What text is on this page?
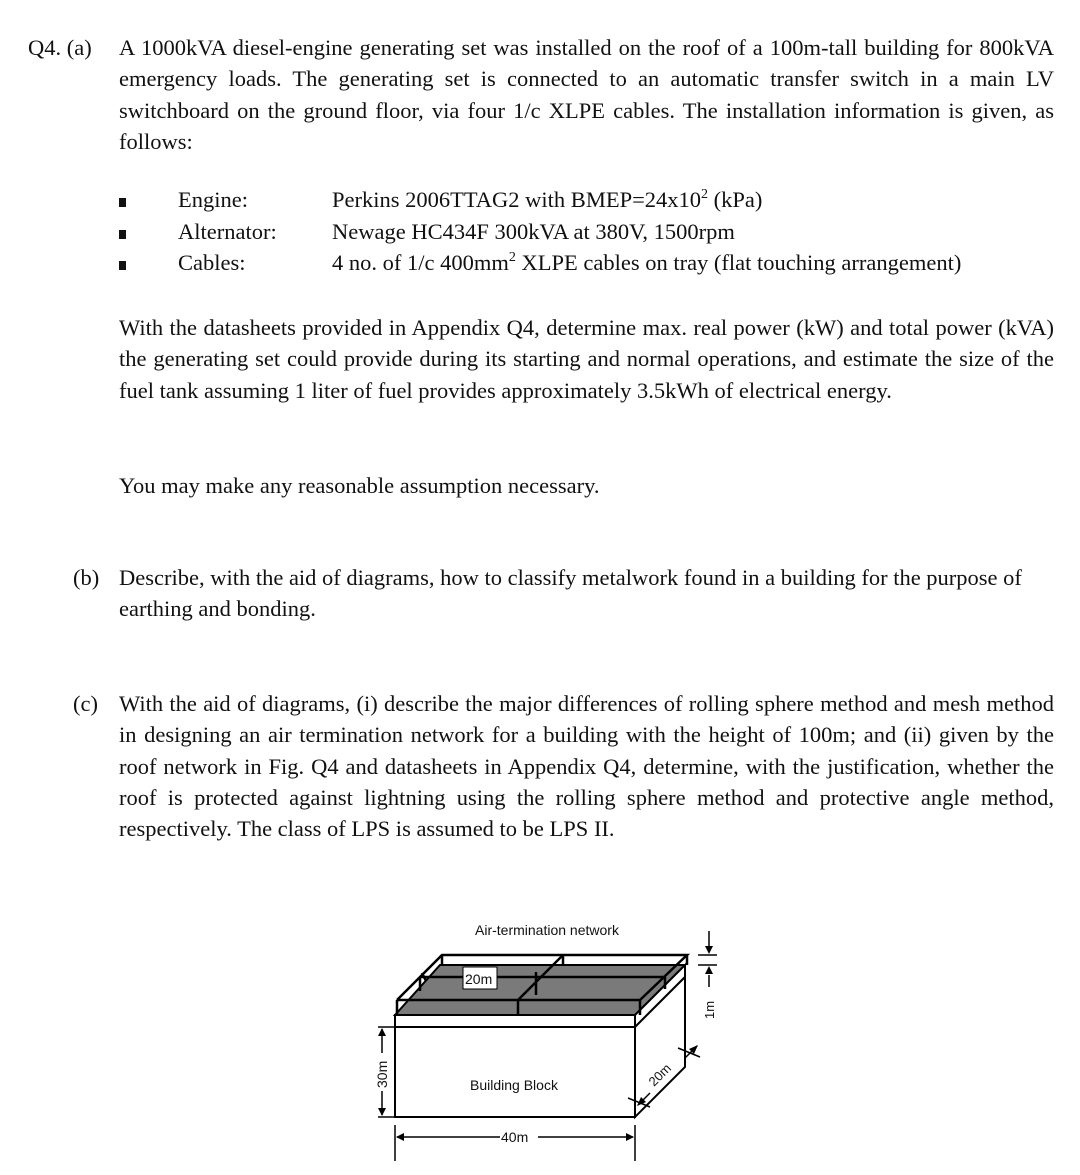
Q4. (a) A 1000kVA diesel-engine generating set was installed on the roof of a 100m-tall building for 800kVA emergency loads. The generating set is connected to an automatic transfer switch in a main LV switchboard on the ground floor, via four 1/c XLPE cables. The installation information is given, as follows:
Engine:	Perkins 2006TTAG2 with $BMEP=24x10^2$ (kPa)
Alternator: Newage HC434F 300kVA at 380V, 1500rpm
Cables:	4 no. of 1/c $400mm^2$ XLPE cables on tray (flat touching arrangement)
With the datasheets provided in Appendix Q4, determine max. real power (kW) and total power (kVA) the generating set could provide during its starting and normal operations, and estimate the size of the fuel tank assuming 1 liter of fuel provides approximately 3.5kWh of electrical energy.
You may make any reasonable assumption necessary.
(b) Describe, with the aid of diagrams, how to classify metalwork found in a building for the purpose of earthing and bonding.
(c) With the aid of diagrams, (i) describe the major differences of rolling sphere method and mesh method in designing an air termination network for a building with the height of 100m; and (ii) given by the roof network in Fig. Q4 and datasheets in Appendix Q4, determine, with the justification, whether the roof is protected against lightning using the rolling sphere method and protective angle method, respectively. The class of LPS is assumed to be LPS II.
20m
Air-termination network
Building Block
30m
40m
20m
1m
